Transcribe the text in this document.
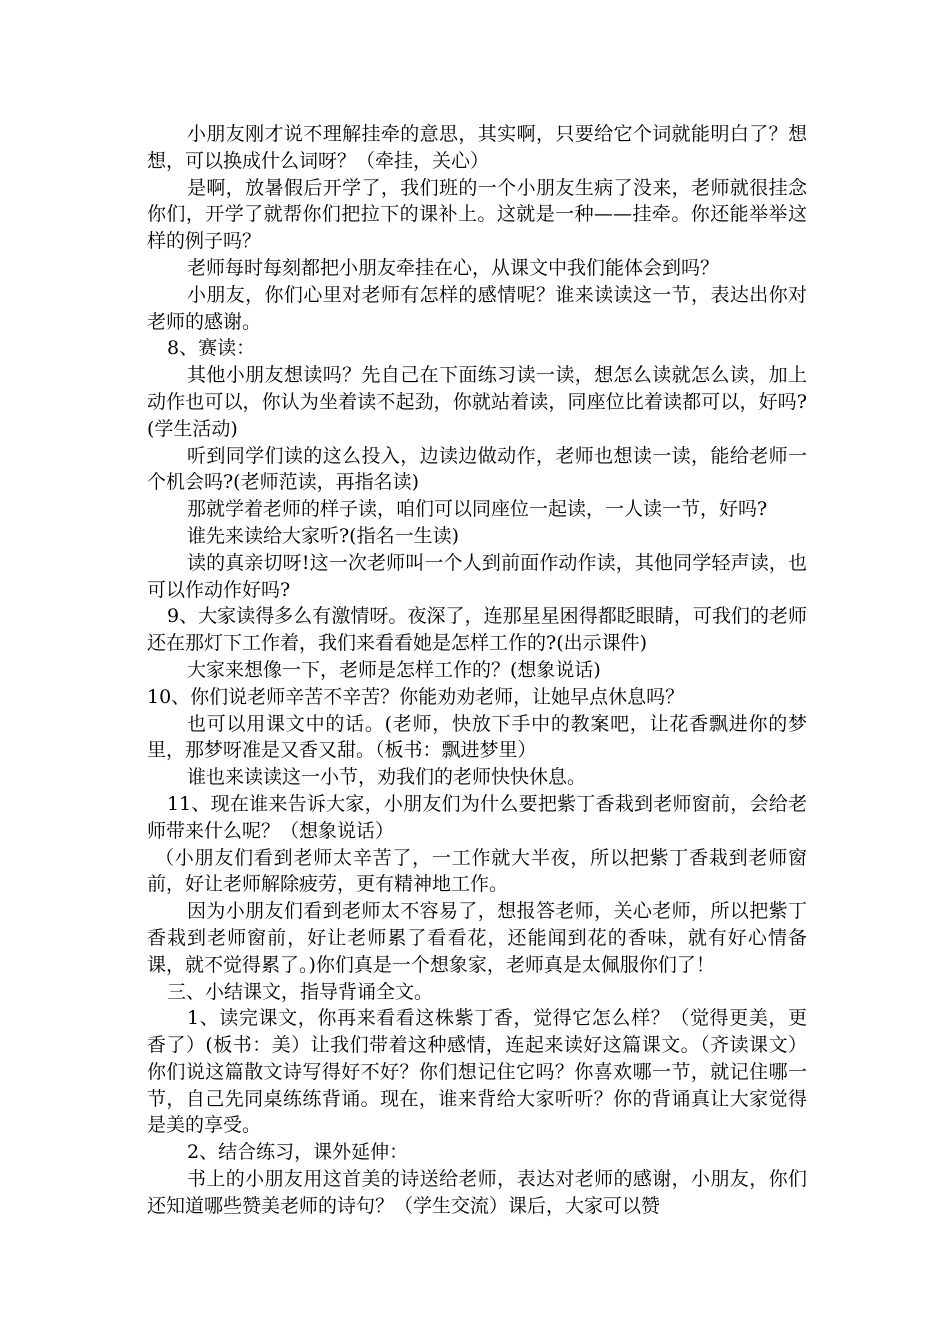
小朋友刚才说不理解挂牵的意思，其实啊，只要给它个词就能明白了？想想，可以换成什么词呀？（牵挂，关心）

是啊，放暑假后开学了，我们班的一个小朋友生病了没来，老师就很挂念你们，开学了就帮你们把拉下的课补上。这就是一种——挂牵。你还能举举这样的例子吗？

老师每时每刻都把小朋友牵挂在心，从课文中我们能体会到吗？

小朋友，你们心里对老师有怎样的感情呢？谁来读读这一节，表达出你对老师的感谢。

8、赛读：

其他小朋友想读吗？先自己在下面练习读一读，想怎么读就怎么读，加上动作也可以，你认为坐着读不起劲，你就站着读，同座位比着读都可以，好吗?(学生活动)

听到同学们读的这么投入，边读边做动作，老师也想读一读，能给老师一个机会吗?(老师范读，再指名读)

那就学着老师的样子读，咱们可以同座位一起读，一人读一节，好吗?

谁先来读给大家听?(指名一生读)

读的真亲切呀!这一次老师叫一个人到前面作动作读，其他同学轻声读，也可以作动作好吗?

9、大家读得多么有激情呀。夜深了，连那星星困得都眨眼睛，可我们的老师还在那灯下工作着，我们来看看她是怎样工作的?(出示课件)

大家来想像一下，老师是怎样工作的？(想象说话)

10、你们说老师辛苦不辛苦？你能劝劝老师，让她早点休息吗？

也可以用课文中的话。(老师，快放下手中的教案吧，让花香飘进你的梦里，那梦呀准是又香又甜。（板书：飘进梦里）

谁也来读读这一小节，劝我们的老师快快休息。

11、现在谁来告诉大家，小朋友们为什么要把紫丁香栽到老师窗前，会给老师带来什么呢？（想象说话）

（小朋友们看到老师太辛苦了，一工作就大半夜，所以把紫丁香栽到老师窗前，好让老师解除疲劳，更有精神地工作。

因为小朋友们看到老师太不容易了，想报答老师，关心老师，所以把紫丁香栽到老师窗前，好让老师累了看看花，还能闻到花的香味，就有好心情备课，就不觉得累了。)你们真是一个想象家，老师真是太佩服你们了！

三、小结课文，指导背诵全文。

1、读完课文，你再来看看这株紫丁香，觉得它怎么样？（觉得更美，更香了）(板书：美）让我们带着这种感情，连起来读好这篇课文。（齐读课文）你们说这篇散文诗写得好不好？你们想记住它吗？你喜欢哪一节，就记住哪一节，自己先同桌练练背诵。现在，谁来背给大家听听？你的背诵真让大家觉得是美的享受。

2、结合练习，课外延伸：

书上的小朋友用这首美的诗送给老师，表达对老师的感谢，小朋友，你们还知道哪些赞美老师的诗句？（学生交流）课后，大家可以赞
